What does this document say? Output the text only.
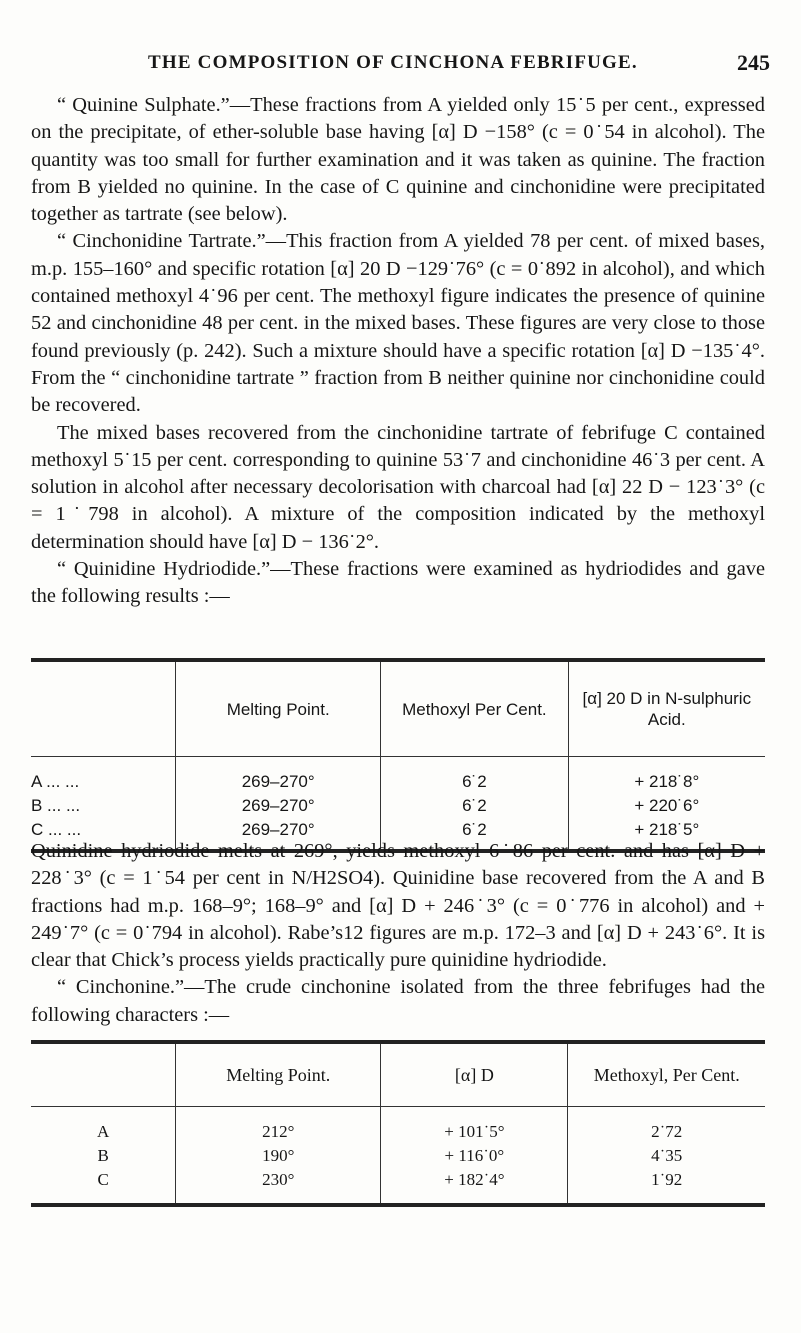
THE COMPOSITION OF CINCHONA FEBRIFUGE.	245

“ Quinine Sulphate.”—These fractions from A yielded only 15˙5 per cent., expressed on the precipitate, of ether-soluble base having [α] D −158° (c = 0˙54 in alcohol). The quantity was too small for further examination and it was taken as quinine. The fraction from B yielded no quinine. In the case of C quinine and cinchonidine were precipitated together as tartrate (see below).

“ Cinchonidine Tartrate.”—This fraction from A yielded 78 per cent. of mixed bases, m.p. 155–160° and specific rotation [α] 20 D −129˙76° (c = 0˙892 in alcohol), and which contained methoxyl 4˙96 per cent. The methoxyl figure indicates the presence of quinine 52 and cinchonidine 48 per cent. in the mixed bases. These figures are very close to those found previously (p. 242). Such a mixture should have a specific rotation [α] D −135˙4°. From the “ cinchonidine tartrate ” fraction from B neither quinine nor cinchonidine could be recovered.

The mixed bases recovered from the cinchonidine tartrate of febrifuge C contained methoxyl 5˙15 per cent. corresponding to quinine 53˙7 and cinchonidine 46˙3 per cent. A solution in alcohol after necessary decolorisation with charcoal had [α] 22 D − 123˙3° (c = 1˙798 in alcohol). A mixture of the composition indicated by the methoxyl determination should have [α] D − 136˙2°.

“ Quinidine Hydriodide.”—These fractions were examined as hydriodides and gave the following results :—

	Melting Point.	Methoxyl Per Cent.	[α] 20 D in N-sulphuric Acid.
A ... ...	269–270°	6˙2	+ 218˙8°
B ... ...	269–270°	6˙2	+ 220˙6°
C ... ...	269–270°	6˙2	+ 218˙5°

Quinidine hydriodide melts at 269°, yields methoxyl 6˙86 per cent. and has [α] D + 228˙3° (c = 1˙54 per cent in N/H2SO4). Quinidine base recovered from the A and B fractions had m.p. 168–9°; 168–9° and [α] D + 246˙3° (c = 0˙776 in alcohol) and + 249˙7° (c = 0˙794 in alcohol). Rabe’s12 figures are m.p. 172–3 and [α] D + 243˙6°. It is clear that Chick’s process yields practically pure quinidine hydriodide.

“ Cinchonine.”—The crude cinchonine isolated from the three febrifuges had the following characters :—

	Melting Point.	[α] D	Methoxyl, Per Cent.
A	212°	+ 101˙5°	2˙72
B	190°	+ 116˙0°	4˙35
C	230°	+ 182˙4°	1˙92
